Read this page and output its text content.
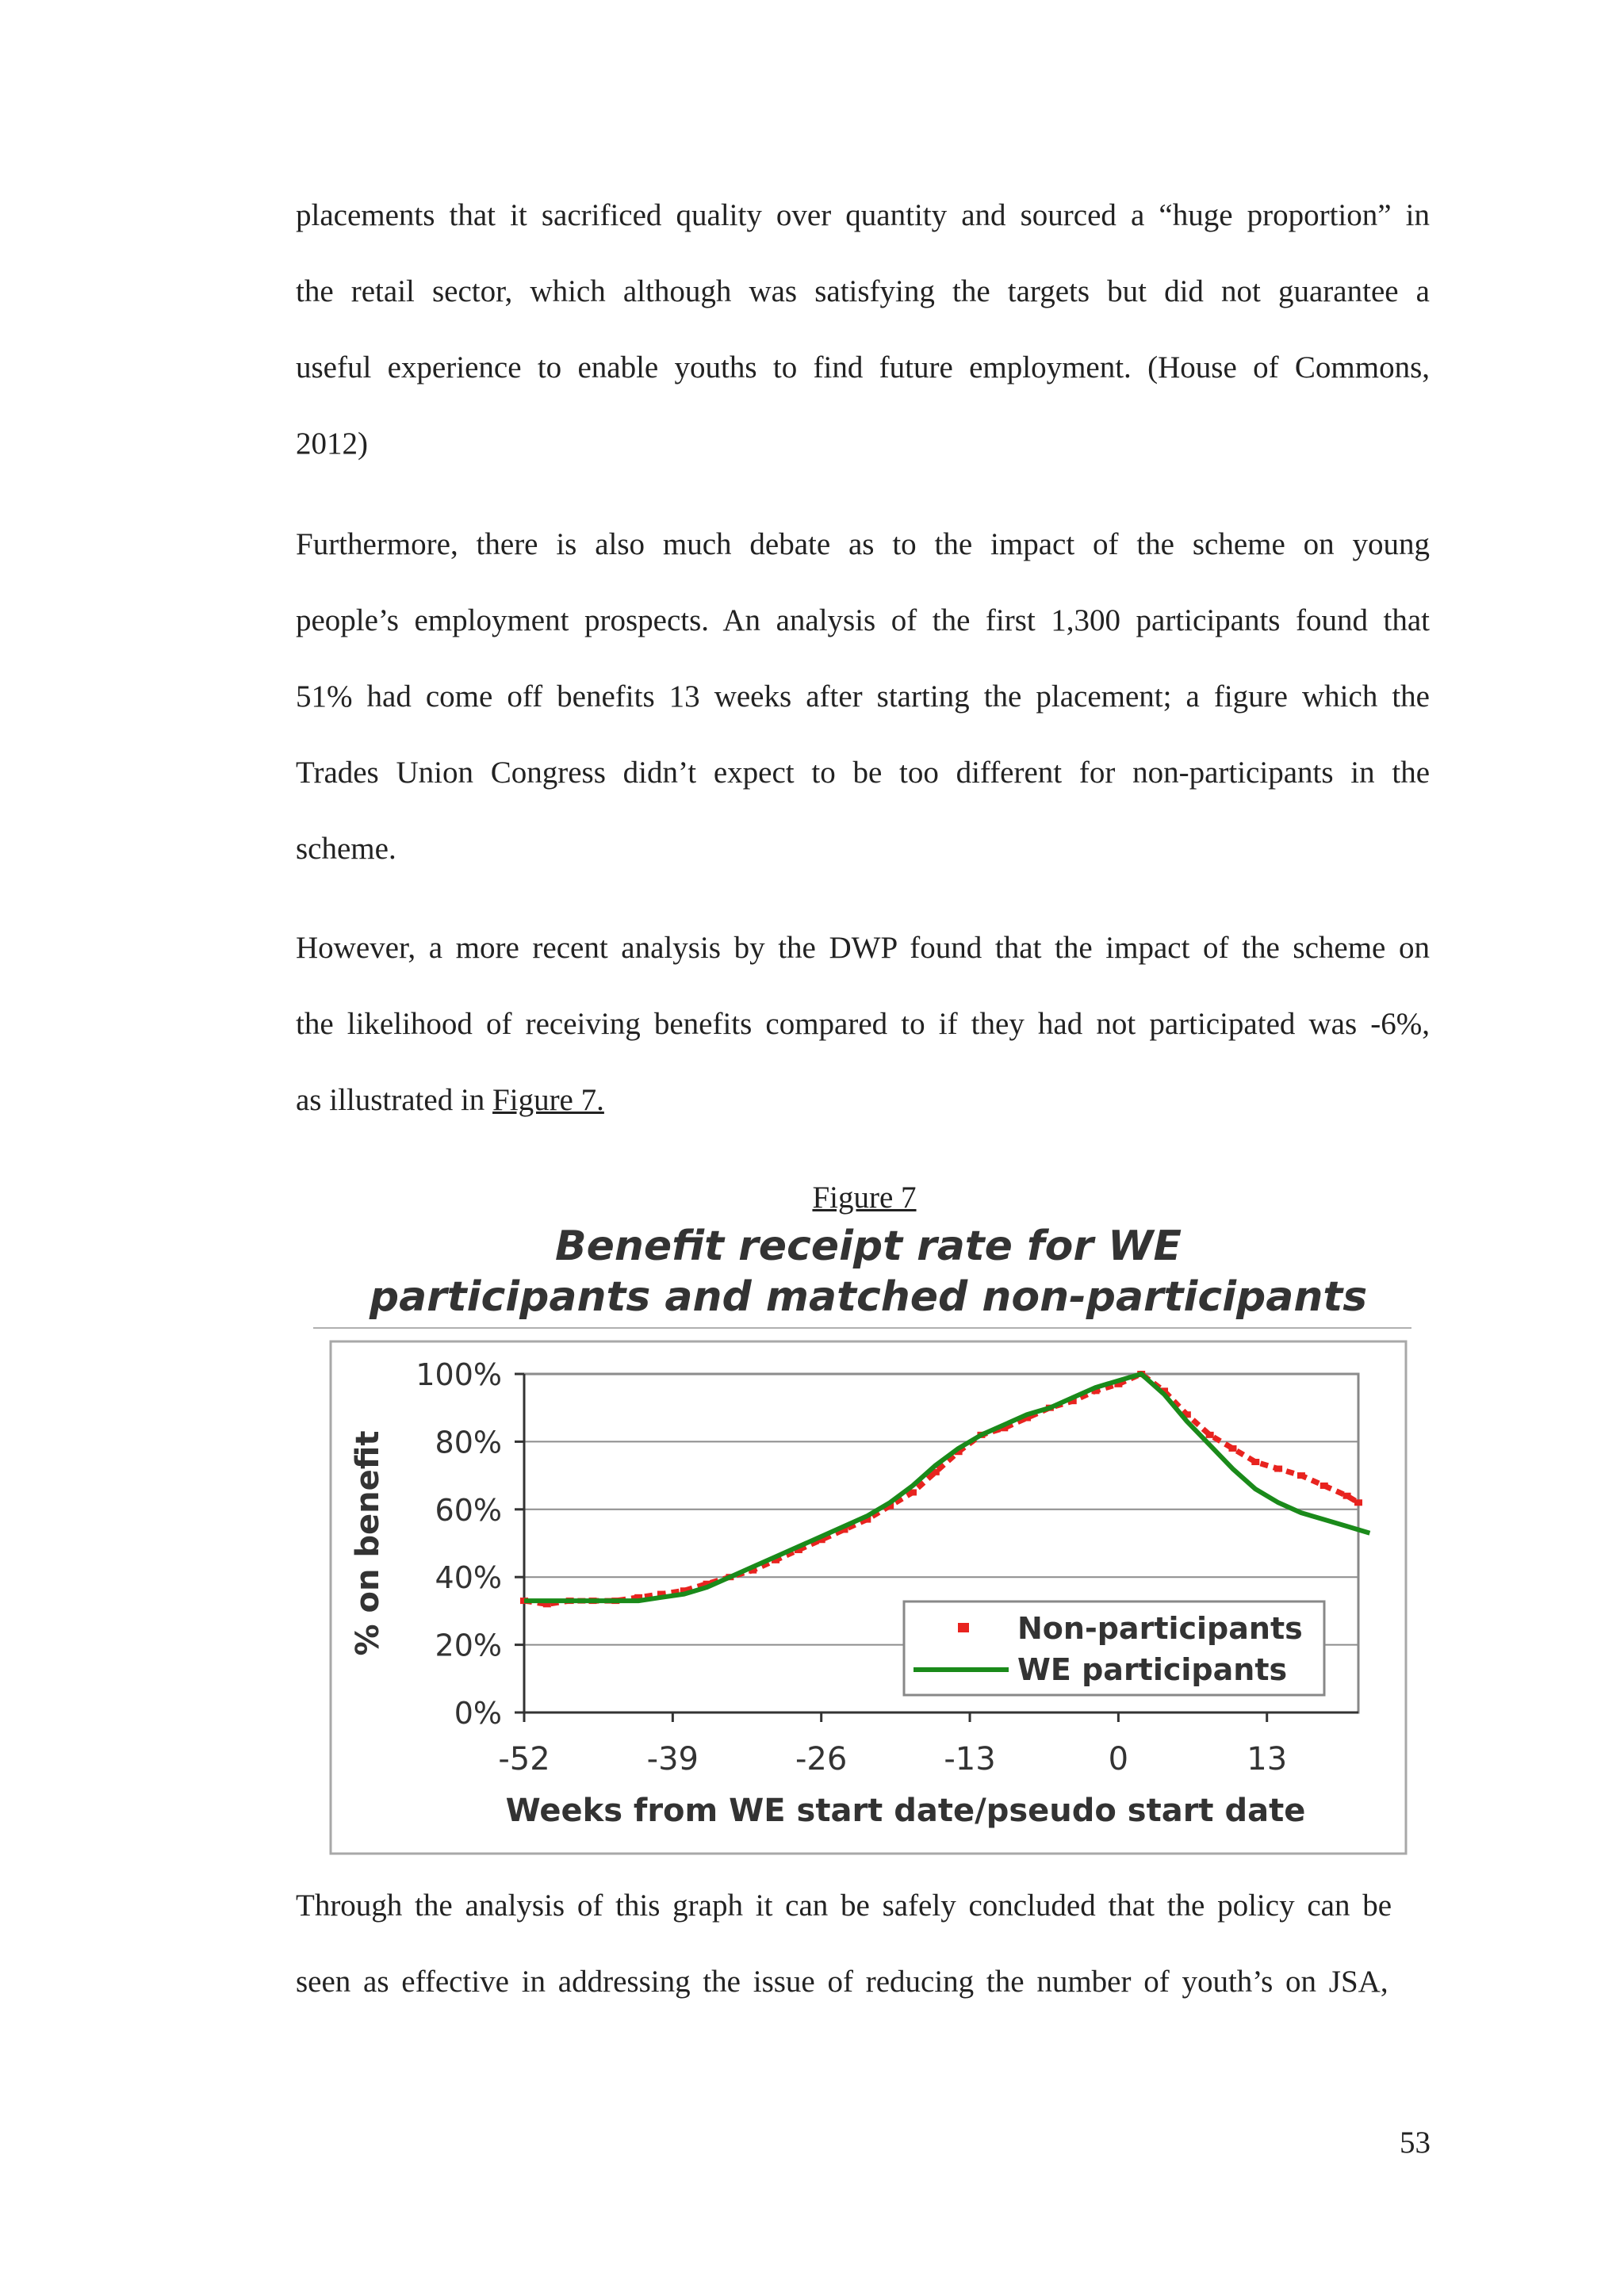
placements that it sacrificed quality over quantity and sourced a “huge proportion” in
the retail sector, which although was satisfying the targets but did not guarantee a
useful experience to enable youths to find future employment. (House of Commons,
2012)

Furthermore, there is also much debate as to the impact of the scheme on young
people’s employment prospects. An analysis of the first 1,300 participants found that
51% had come off benefits 13 weeks after starting the placement; a figure which the
Trades Union Congress didn’t expect to be too different for non-participants in the
scheme.

However, a more recent analysis by the DWP found that the impact of the scheme on
the likelihood of receiving benefits compared to if they had not participated was -6%,
as illustrated in Figure 7.

Figure 7
Benefit receipt rate for WE
participants and matched non-participants
0%
20%
40%
60%
80%
100%
-52	-39	-26	-13	0	13
Weeks from WE start date/pseudo start date
% on benefit	Non-participants
WE participants

Through the analysis of this graph it can be safely concluded that the policy can be
seen as effective in addressing the issue of reducing the number of youth’s on JSA,

53
